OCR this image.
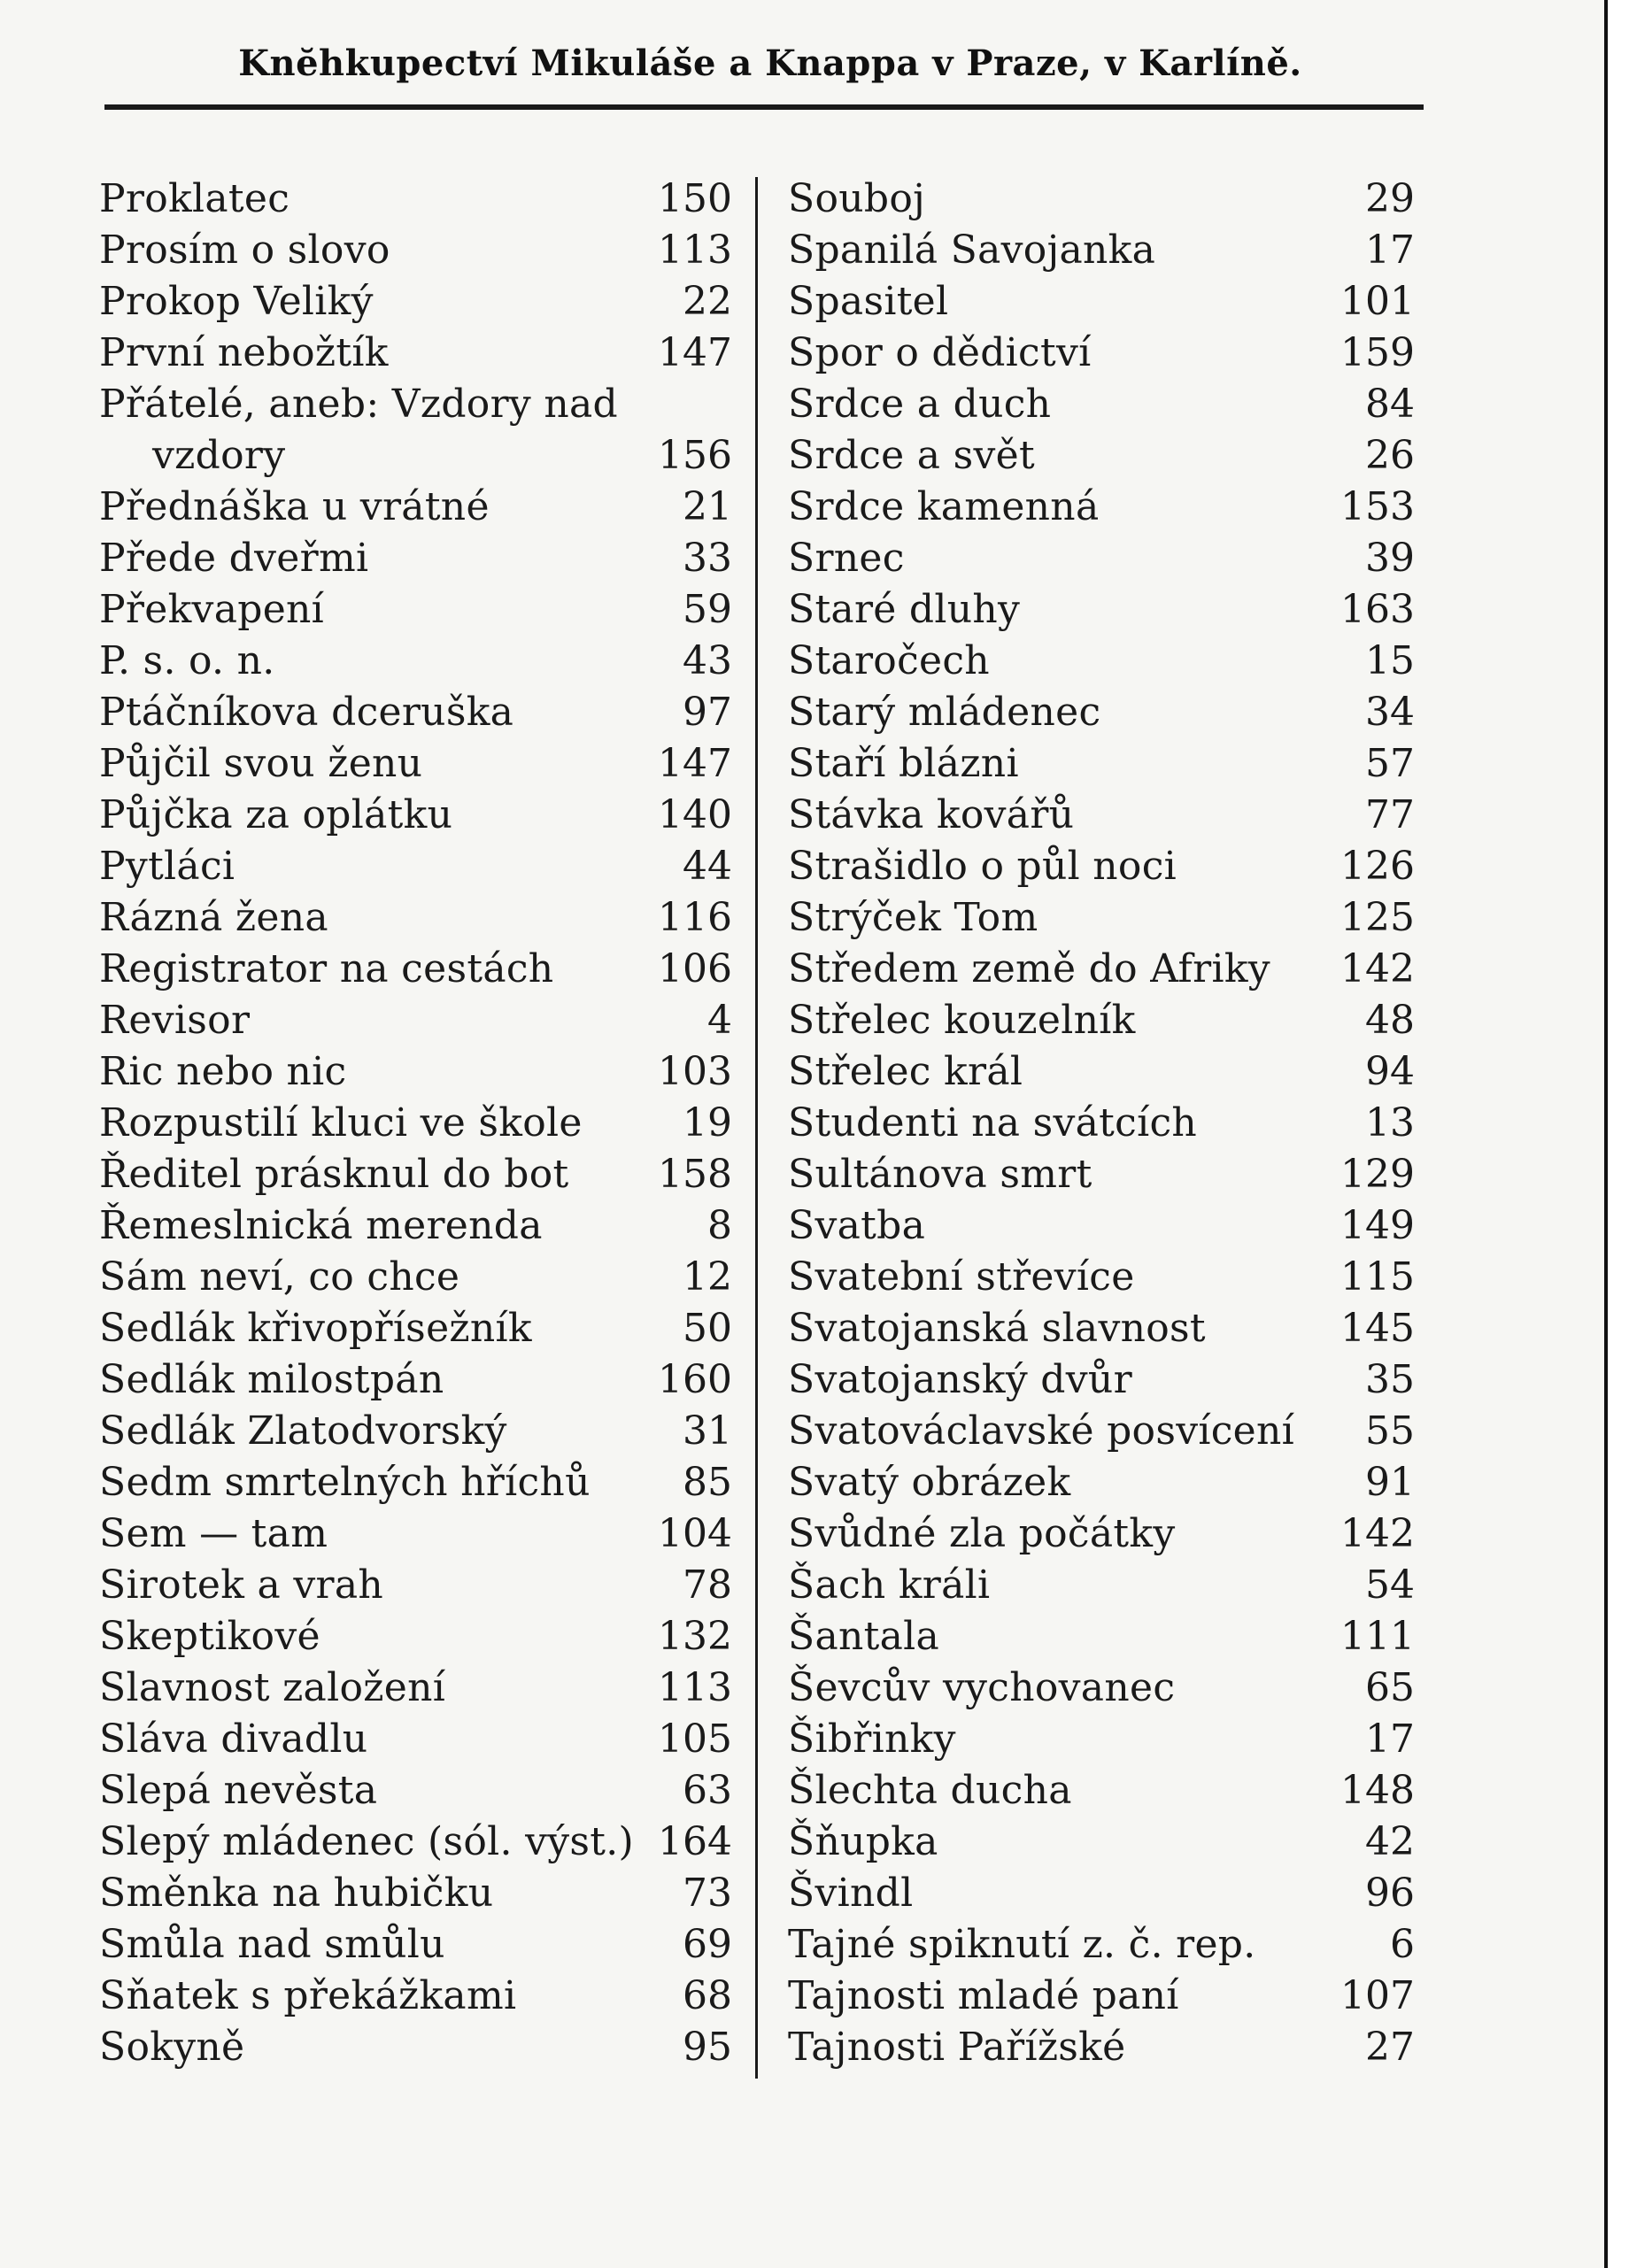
Knĕhkupectví Mikuláše a Knappa v Praze, v Karlíně.
Proklatec	150
Prosím o slovo	113
Prokop Veliký	22
První nebožtík	147
Přátelé, aneb: Vzdory nad
vzdory	156
Přednáška u vrátné	21
Přede dveřmi	33
Překvapení	59
P. s. o. n.	43
Ptáčníkova dceruška	97
Půjčil svou ženu	147
Půjčka za oplátku	140
Pytláci	44
Rázná žena	116
Registrator na cestách	106
Revisor	4
Ric nebo nic	103
Rozpustilí kluci ve škole	19
Ředitel prásknul do bot 158
Řemeslnická merenda	8
Sám neví, co chce	12
Sedlák křivopřísežník	50
Sedlák milostpán	160
Sedlák Zlatodvorský	31
Sedm smrtelných hříchů	85
Sem — tam	104
Sirotek a vrah	78
Skeptikové	132
Slavnost založení	113
Sláva divadlu	105
Slepá nevěsta	63
Slepý mládenec (sól. výst.) 164
Směnka na hubičku	73
Smůla nad smůlu	69
Sňatek s překážkami	68
Sokyně	95
Souboj	29
Spanilá Savojanka	17
Spasitel	101
Spor o dědictví	159
Srdce a duch	84
Srdce a svět	26
Srdce kamenná	153
Srnec	39
Staré dluhy	163
Staročech	15
Starý mládenec	34
Staří blázni	57
Stávka kovářů	77
Strašidlo o půl noci	126
Strýček Tom	125
Středem země do Afriky 142
Střelec kouzelník	48
Střelec král	94
Studenti na svátcích	13
Sultánova smrt	129
Svatba	149
Svatební střevíce	115
Svatojanská slavnost	145
Svatojanský dvůr	35
Svatováclavské posvícení	55
Svatý obrázek	91
Svůdné zla počátky	142
Šach králi	54
Šantala	111
Ševcův vychovanec	65
Šibřinky	17
Šlechta ducha	148
Šňupka	42
Švindl	96
Tajné spiknutí z. č. rep.	6
Tajnosti mladé paní	107
Tajnosti Pařížské	27
